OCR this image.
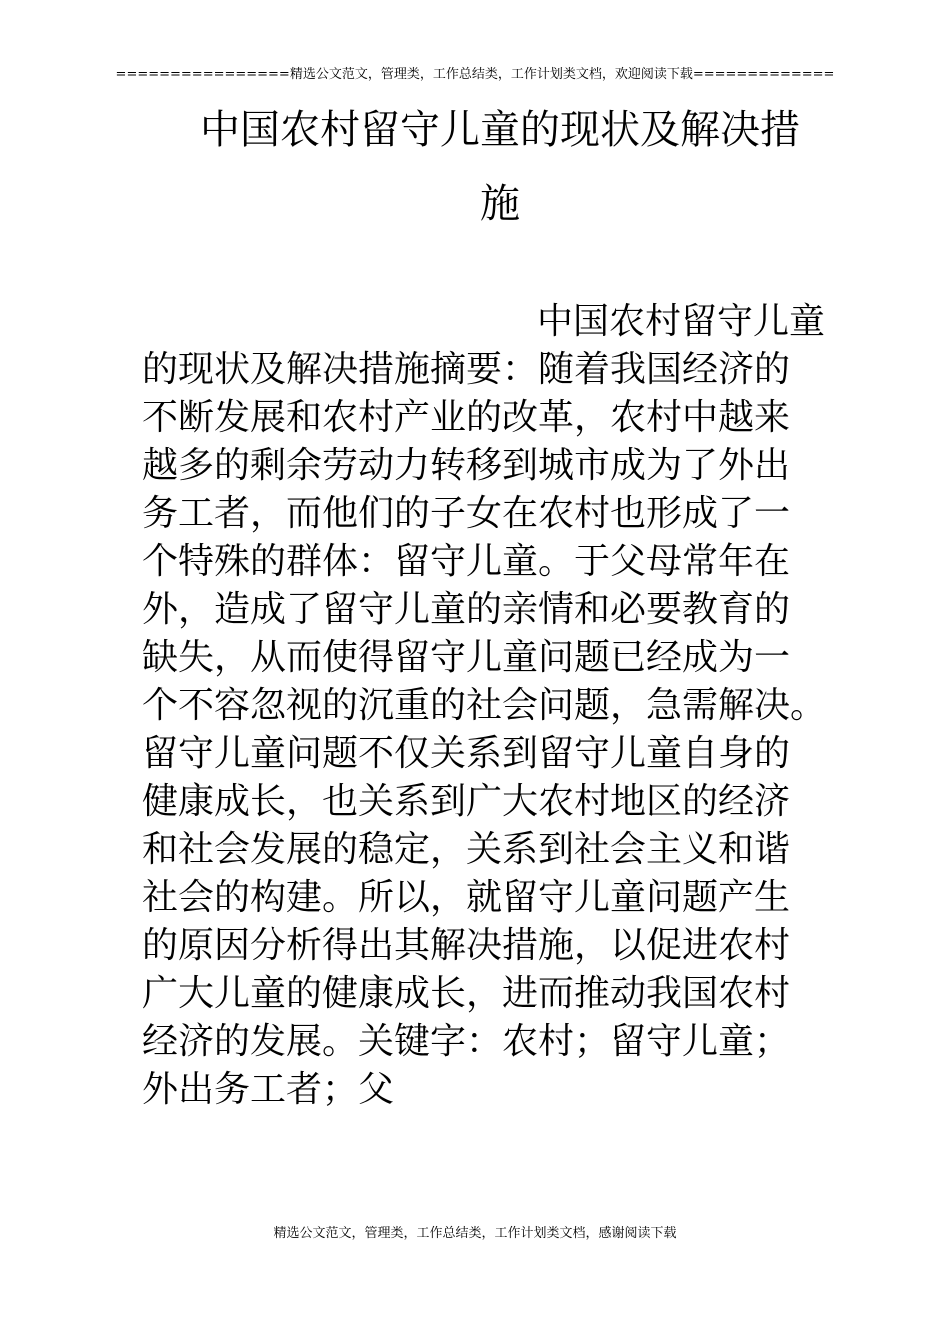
================精选公文范文，管理类，工作总结类，工作计划类文档，欢迎阅读下载=============
中国农村留守儿童的现状及解决措
施
中国农村留守儿童
的现状及解决措施摘要：随着我国经济的
不断发展和农村产业的改革，农村中越来
越多的剩余劳动力转移到城市成为了外出
务工者，而他们的子女在农村也形成了一
个特殊的群体：留守儿童。于父母常年在
外，造成了留守儿童的亲情和必要教育的
缺失，从而使得留守儿童问题已经成为一
个不容忽视的沉重的社会问题，急需解决。
留守儿童问题不仅关系到留守儿童自身的
健康成长，也关系到广大农村地区的经济
和社会发展的稳定，关系到社会主义和谐
社会的构建。所以，就留守儿童问题产生
的原因分析得出其解决措施，以促进农村
广大儿童的健康成长，进而推动我国农村
经济的发展。关键字：农村；留守儿童；
外出务工者；父
精选公文范文，管理类，工作总结类，工作计划类文档，感谢阅读下载
